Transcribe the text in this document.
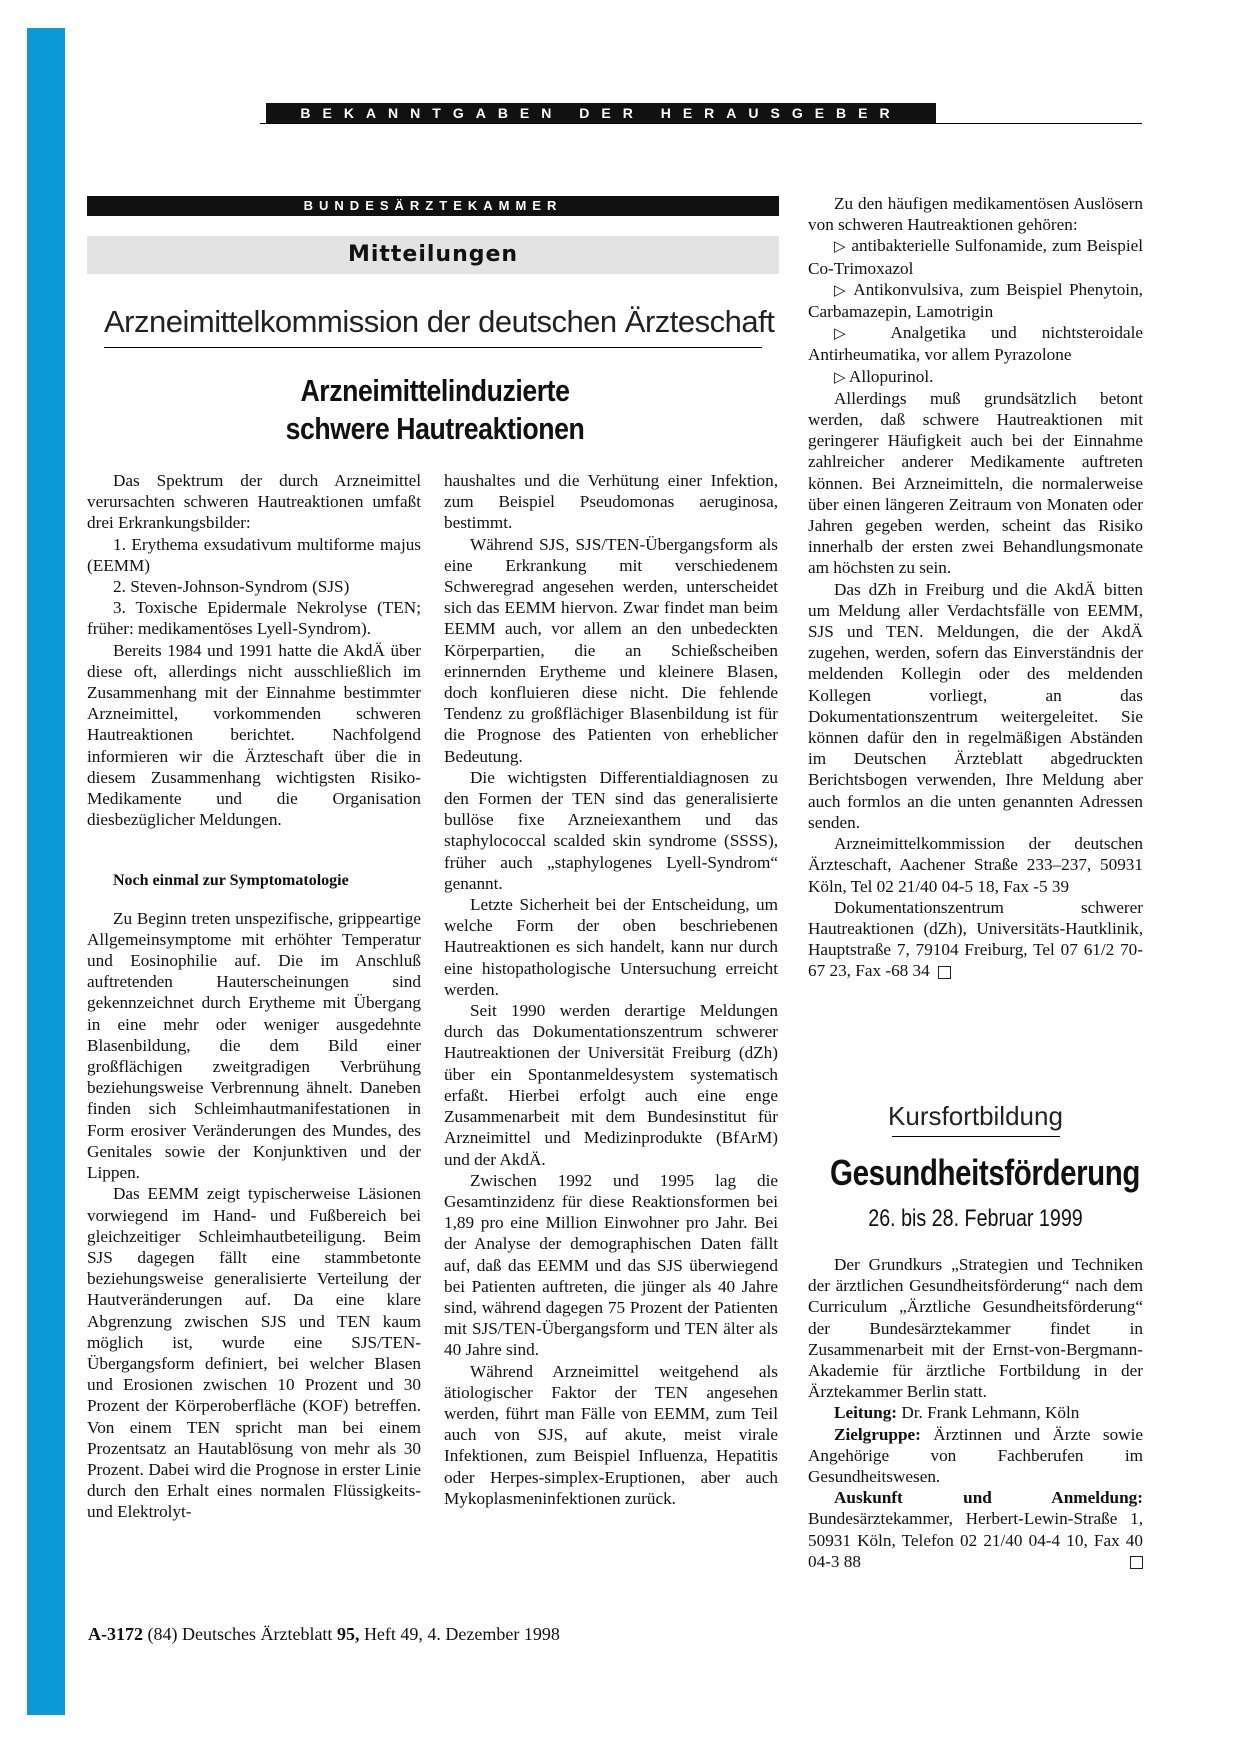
BEKANNTGABEN DER HERAUSGEBER
BUNDESÄRZTEKAMMER
Mitteilungen
Arzneimittelkommission der deutschen Ärzteschaft
Arzneimittelinduzierte
schwere Hautreaktionen

Das Spektrum der durch Arzneimittel verursachten schweren Hautreaktionen umfaßt drei Erkrankungsbilder:

1. Erythema exsudativum multiforme majus (EEMM)

2. Steven-Johnson-Syndrom (SJS)

3. Toxische Epidermale Nekrolyse (TEN; früher: medikamentöses Lyell-Syndrom).

Bereits 1984 und 1991 hatte die AkdÄ über diese oft, allerdings nicht ausschließlich im Zusammenhang mit der Einnahme bestimmter Arzneimittel, vorkommenden schweren Hautreaktionen berichtet. Nachfolgend informieren wir die Ärzteschaft über die in diesem Zusammenhang wichtigsten Risiko-Medikamente und die Organisation diesbezüglicher Meldungen.

Noch einmal zur Symptomatologie

Zu Beginn treten unspezifische, grippeartige Allgemeinsymptome mit erhöhter Temperatur und Eosinophilie auf. Die im Anschluß auftretenden Hauterscheinungen sind gekennzeichnet durch Erytheme mit Übergang in eine mehr oder weniger ausgedehnte Blasenbildung, die dem Bild einer großflächigen zweitgradigen Verbrühung beziehungsweise Verbrennung ähnelt. Daneben finden sich Schleimhautmanifestationen in Form erosiver Veränderungen des Mundes, des Genitales sowie der Konjunktiven und der Lippen.

Das EEMM zeigt typischerweise Läsionen vorwiegend im Hand- und Fußbereich bei gleichzeitiger Schleimhautbeteiligung. Beim SJS dagegen fällt eine stammbetonte beziehungsweise generalisierte Verteilung der Hautveränderungen auf. Da eine klare Abgrenzung zwischen SJS und TEN kaum möglich ist, wurde eine SJS/TEN-Übergangsform definiert, bei welcher Blasen und Erosionen zwischen 10 Prozent und 30 Prozent der Körperoberfläche (KOF) betreffen. Von einem TEN spricht man bei einem Prozentsatz an Hautablösung von mehr als 30 Prozent. Dabei wird die Prognose in erster Linie durch den Erhalt eines normalen Flüssigkeits- und Elektrolyt-

haushaltes und die Verhütung einer Infektion, zum Beispiel Pseudomonas aeruginosa, bestimmt.

Während SJS, SJS/TEN-Übergangsform als eine Erkrankung mit verschiedenem Schweregrad angesehen werden, unterscheidet sich das EEMM hiervon. Zwar findet man beim EEMM auch, vor allem an den unbedeckten Körperpartien, die an Schießscheiben erinnernden Erytheme und kleinere Blasen, doch konfluieren diese nicht. Die fehlende Tendenz zu großflächiger Blasenbildung ist für die Prognose des Patienten von erheblicher Bedeutung.

Die wichtigsten Differentialdiagnosen zu den Formen der TEN sind das generalisierte bullöse fixe Arzneiexanthem und das staphylococcal scalded skin syndrome (SSSS), früher auch „staphylogenes Lyell-Syndrom“ genannt.

Letzte Sicherheit bei der Entscheidung, um welche Form der oben beschriebenen Hautreaktionen es sich handelt, kann nur durch eine histopathologische Untersuchung erreicht werden.

Seit 1990 werden derartige Meldungen durch das Dokumentationszentrum schwerer Hautreaktionen der Universität Freiburg (dZh) über ein Spontanmeldesystem systematisch erfaßt. Hierbei erfolgt auch eine enge Zusammenarbeit mit dem Bundesinstitut für Arzneimittel und Medizinprodukte (BfArM) und der AkdÄ.

Zwischen 1992 und 1995 lag die Gesamtinzidenz für diese Reaktionsformen bei 1,89 pro eine Million Einwohner pro Jahr. Bei der Analyse der demographischen Daten fällt auf, daß das EEMM und das SJS überwiegend bei Patienten auftreten, die jünger als 40 Jahre sind, während dagegen 75 Prozent der Patienten mit SJS/TEN-Übergangsform und TEN älter als 40 Jahre sind.

Während Arzneimittel weitgehend als ätiologischer Faktor der TEN angesehen werden, führt man Fälle von EEMM, zum Teil auch von SJS, auf akute, meist virale Infektionen, zum Beispiel Influenza, Hepatitis oder Herpes-simplex-Eruptionen, aber auch Mykoplasmeninfektionen zurück.

Zu den häufigen medikamentösen Auslösern von schweren Hautreaktionen gehören:

▷ antibakterielle Sulfonamide, zum Beispiel Co-Trimoxazol

▷ Antikonvulsiva, zum Beispiel Phenytoin, Carbamazepin, Lamotrigin

▷ Analgetika und nichtsteroidale Antirheumatika, vor allem Pyrazolone

▷ Allopurinol.

Allerdings muß grundsätzlich betont werden, daß schwere Hautreaktionen mit geringerer Häufigkeit auch bei der Einnahme zahlreicher anderer Medikamente auftreten können. Bei Arzneimitteln, die normalerweise über einen längeren Zeitraum von Monaten oder Jahren gegeben werden, scheint das Risiko innerhalb der ersten zwei Behandlungsmonate am höchsten zu sein.

Das dZh in Freiburg und die AkdÄ bitten um Meldung aller Verdachtsfälle von EEMM, SJS und TEN. Meldungen, die der AkdÄ zugehen, werden, sofern das Einverständnis der meldenden Kollegin oder des meldenden Kollegen vorliegt, an das Dokumentationszentrum weitergeleitet. Sie können dafür den in regelmäßigen Abständen im Deutschen Ärzteblatt abgedruckten Berichtsbogen verwenden, Ihre Meldung aber auch formlos an die unten genannten Adressen senden.

Arzneimittelkommission der deutschen Ärzteschaft, Aachener Straße 233–237, 50931 Köln, Tel 02 21/40 04-5 18, Fax -5 39

Dokumentationszentrum schwerer Hautreaktionen (dZh), Universitäts-Hautklinik, Hauptstraße 7, 79104 Freiburg, Tel 07 61/2 70-67 23, Fax -68 34

Kursfortbildung
Gesundheitsförderung
26. bis 28. Februar 1999

Der Grundkurs „Strategien und Techniken der ärztlichen Gesundheitsförderung“ nach dem Curriculum „Ärztliche Gesundheitsförderung“ der Bundesärztekammer findet in Zusammenarbeit mit der Ernst-von-Bergmann-Akademie für ärztliche Fortbildung in der Ärztekammer Berlin statt.

Leitung: Dr. Frank Lehmann, Köln

Zielgruppe: Ärztinnen und Ärzte sowie Angehörige von Fachberufen im Gesundheitswesen.

Auskunft und Anmeldung: Bundesärztekammer, Herbert-Lewin-Straße 1, 50931 Köln, Telefon 02 21/40 04-4 10, Fax 40 04-3 88

A-3172 (84) Deutsches Ärzteblatt 95, Heft 49, 4. Dezember 1998
